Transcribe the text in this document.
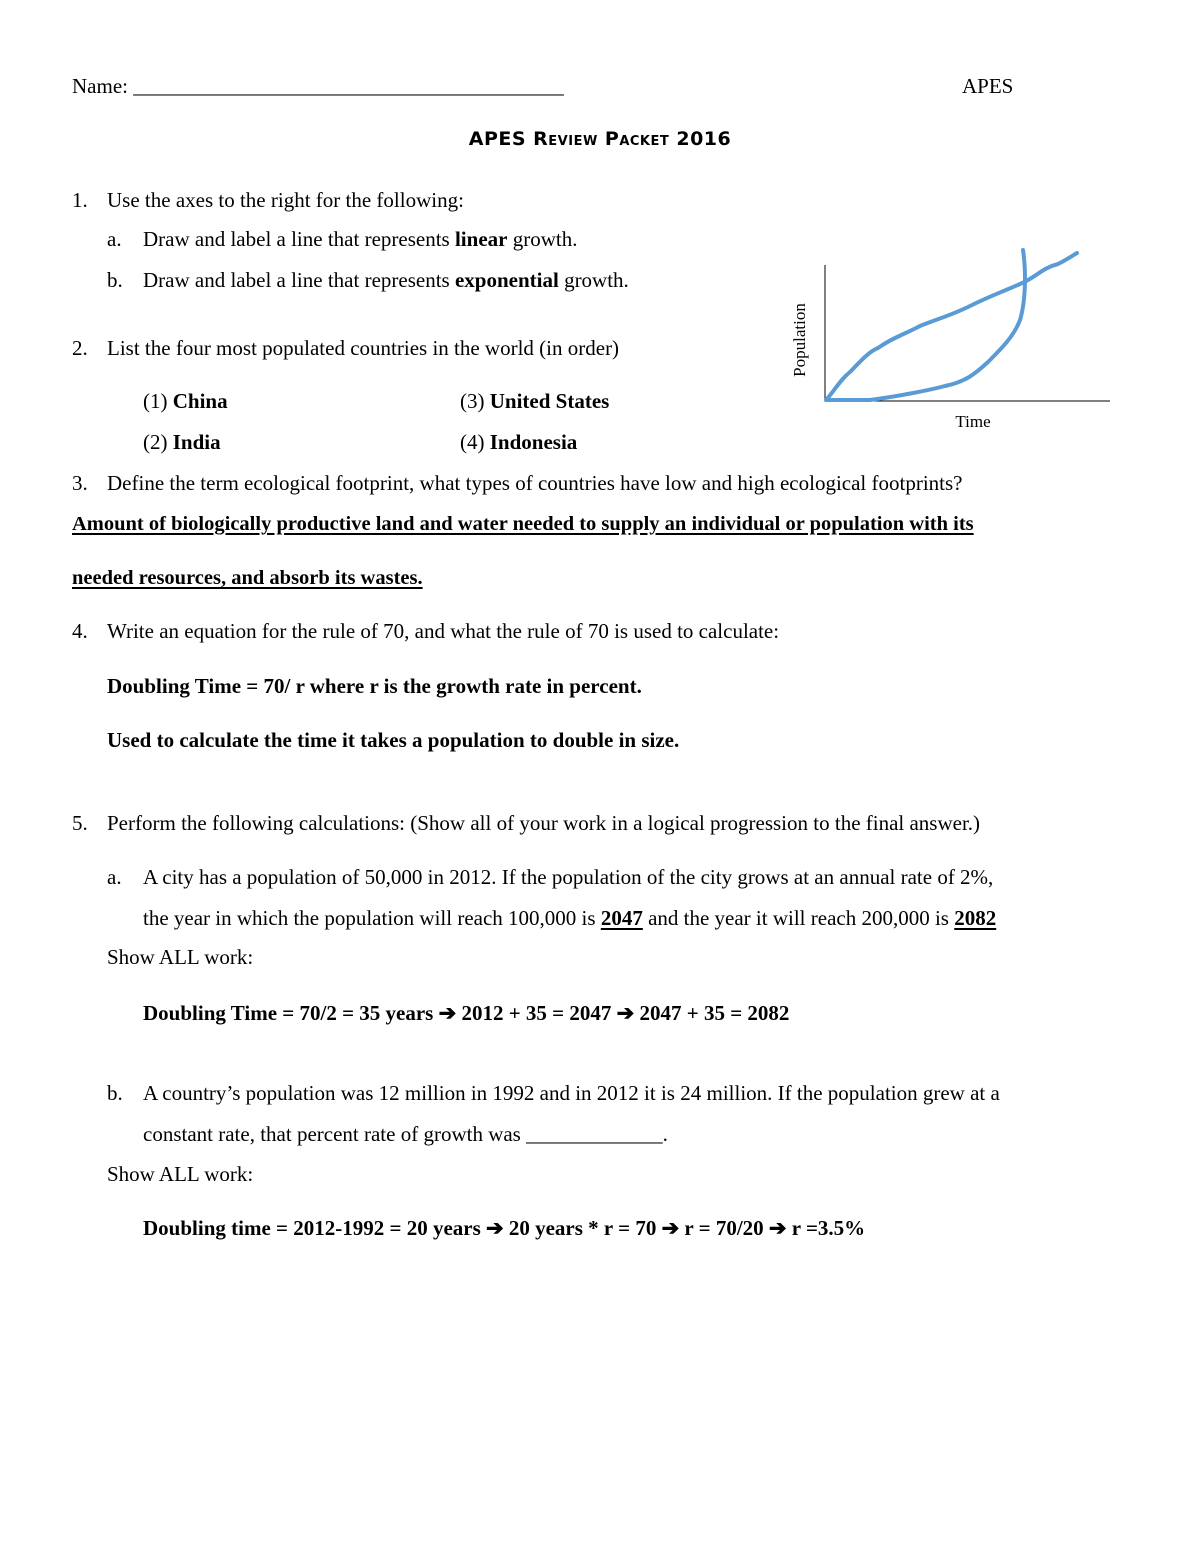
Name: _________________________________________	APES
APES Review Packet 2016
1. Use the axes to the right for the following:
a. Draw and label a line that represents linear growth.
b. Draw and label a line that represents exponential growth.
Population
Time
2. List the four most populated countries in the world (in order)
(1) China
(2) India
(3) United States
(4) Indonesia
3. Define the term ecological footprint, what types of countries have low and high ecological footprints?
Amount of biologically productive land and water needed to supply an individual or population with its
needed resources, and absorb its wastes.
4. Write an equation for the rule of 70, and what the rule of 70 is used to calculate:
Doubling Time = 70/ r where r is the growth rate in percent.
Used to calculate the time it takes a population to double in size.
5. Perform the following calculations: (Show all of your work in a logical progression to the final answer.)
a. A city has a population of 50,000 in 2012. If the population of the city grows at an annual rate of 2%,
the year in which the population will reach 100,000 is 2047 and the year it will reach 200,000 is 2082
Show ALL work:
Doubling Time = 70/2 = 35 years ➔ 2012 + 35 = 2047 ➔ 2047 + 35 = 2082
b. A country’s population was 12 million in 1992 and in 2012 it is 24 million. If the population grew at a
constant rate, that percent rate of growth was _____________.
Show ALL work:
Doubling time = 2012-1992 = 20 years ➔ 20 years * r = 70 ➔ r = 70/20 ➔ r =3.5%
